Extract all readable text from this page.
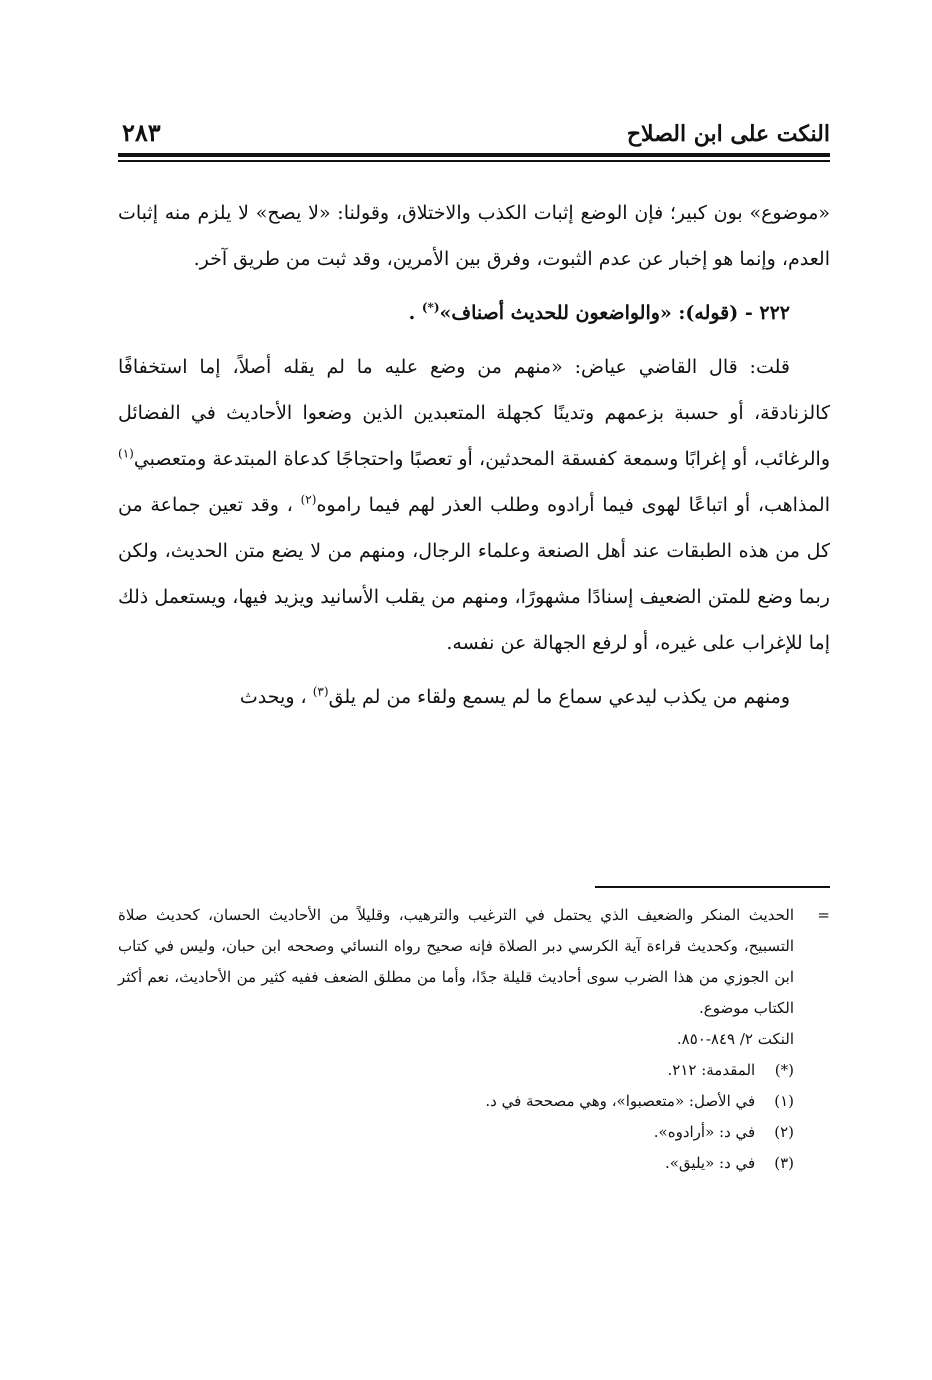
النكت على ابن الصلاح
٢٨٣

«موضوع» بون كبير؛ فإن الوضع إثبات الكذب والاختلاق، وقولنا: «لا يصح» لا يلزم منه إثبات العدم، وإنما هو إخبار عن عدم الثبوت، وفرق بين الأمرين، وقد ثبت من طريق آخر.

٢٢٢ - (قوله): «والواضعون للحديث أصناف»(*) .

قلت: قال القاضي عياض: «منهم من وضع عليه ما لم يقله أصلاً، إما استخفافًا كالزنادقة، أو حسبة بزعمهم وتدينًا كجهلة المتعبدين الذين وضعوا الأحاديث في الفضائل والرغائب، أو إغرابًا وسمعة كفسقة المحدثين، أو تعصبًا واحتجاجًا كدعاة المبتدعة ومتعصبي$^{(١)}$ المذاهب، أو اتباعًا لهوى فيما أرادوه وطلب العذر لهم فيما راموه$^{(٢)}$ ، وقد تعين جماعة من كل من هذه الطبقات عند أهل الصنعة وعلماء الرجال، ومنهم من لا يضع متن الحديث، ولكن ربما وضع للمتن الضعيف إسنادًا مشهورًا، ومنهم من يقلب الأسانيد ويزيد فيها، ويستعمل ذلك إما للإغراب على غيره، أو لرفع الجهالة عن نفسه.

ومنهم من يكذب ليدعي سماع ما لم يسمع ولقاء من لم يلق$^{(٣)}$ ، ويحدث

=
الحديث المنكر والضعيف الذي يحتمل في الترغيب والترهيب، وقليلاً من الأحاديث الحسان، كحديث صلاة التسبيح، وكحديث قراءة آية الكرسي دبر الصلاة فإنه صحيح رواه النسائي وصححه ابن حبان، وليس في كتاب ابن الجوزي من هذا الضرب سوى أحاديث قليلة جدًا، وأما من مطلق الضعف ففيه كثير من الأحاديث، نعم أكثر الكتاب موضوع.
النكت ٢/ ٨٤٩-٨٥٠.
(*) المقدمة: ٢١٢.
(١) في الأصل: «متعصبوا»، وهي مصححة في د.
(٢) في د: «أرادوه».
(٣) في د: «يليق».
